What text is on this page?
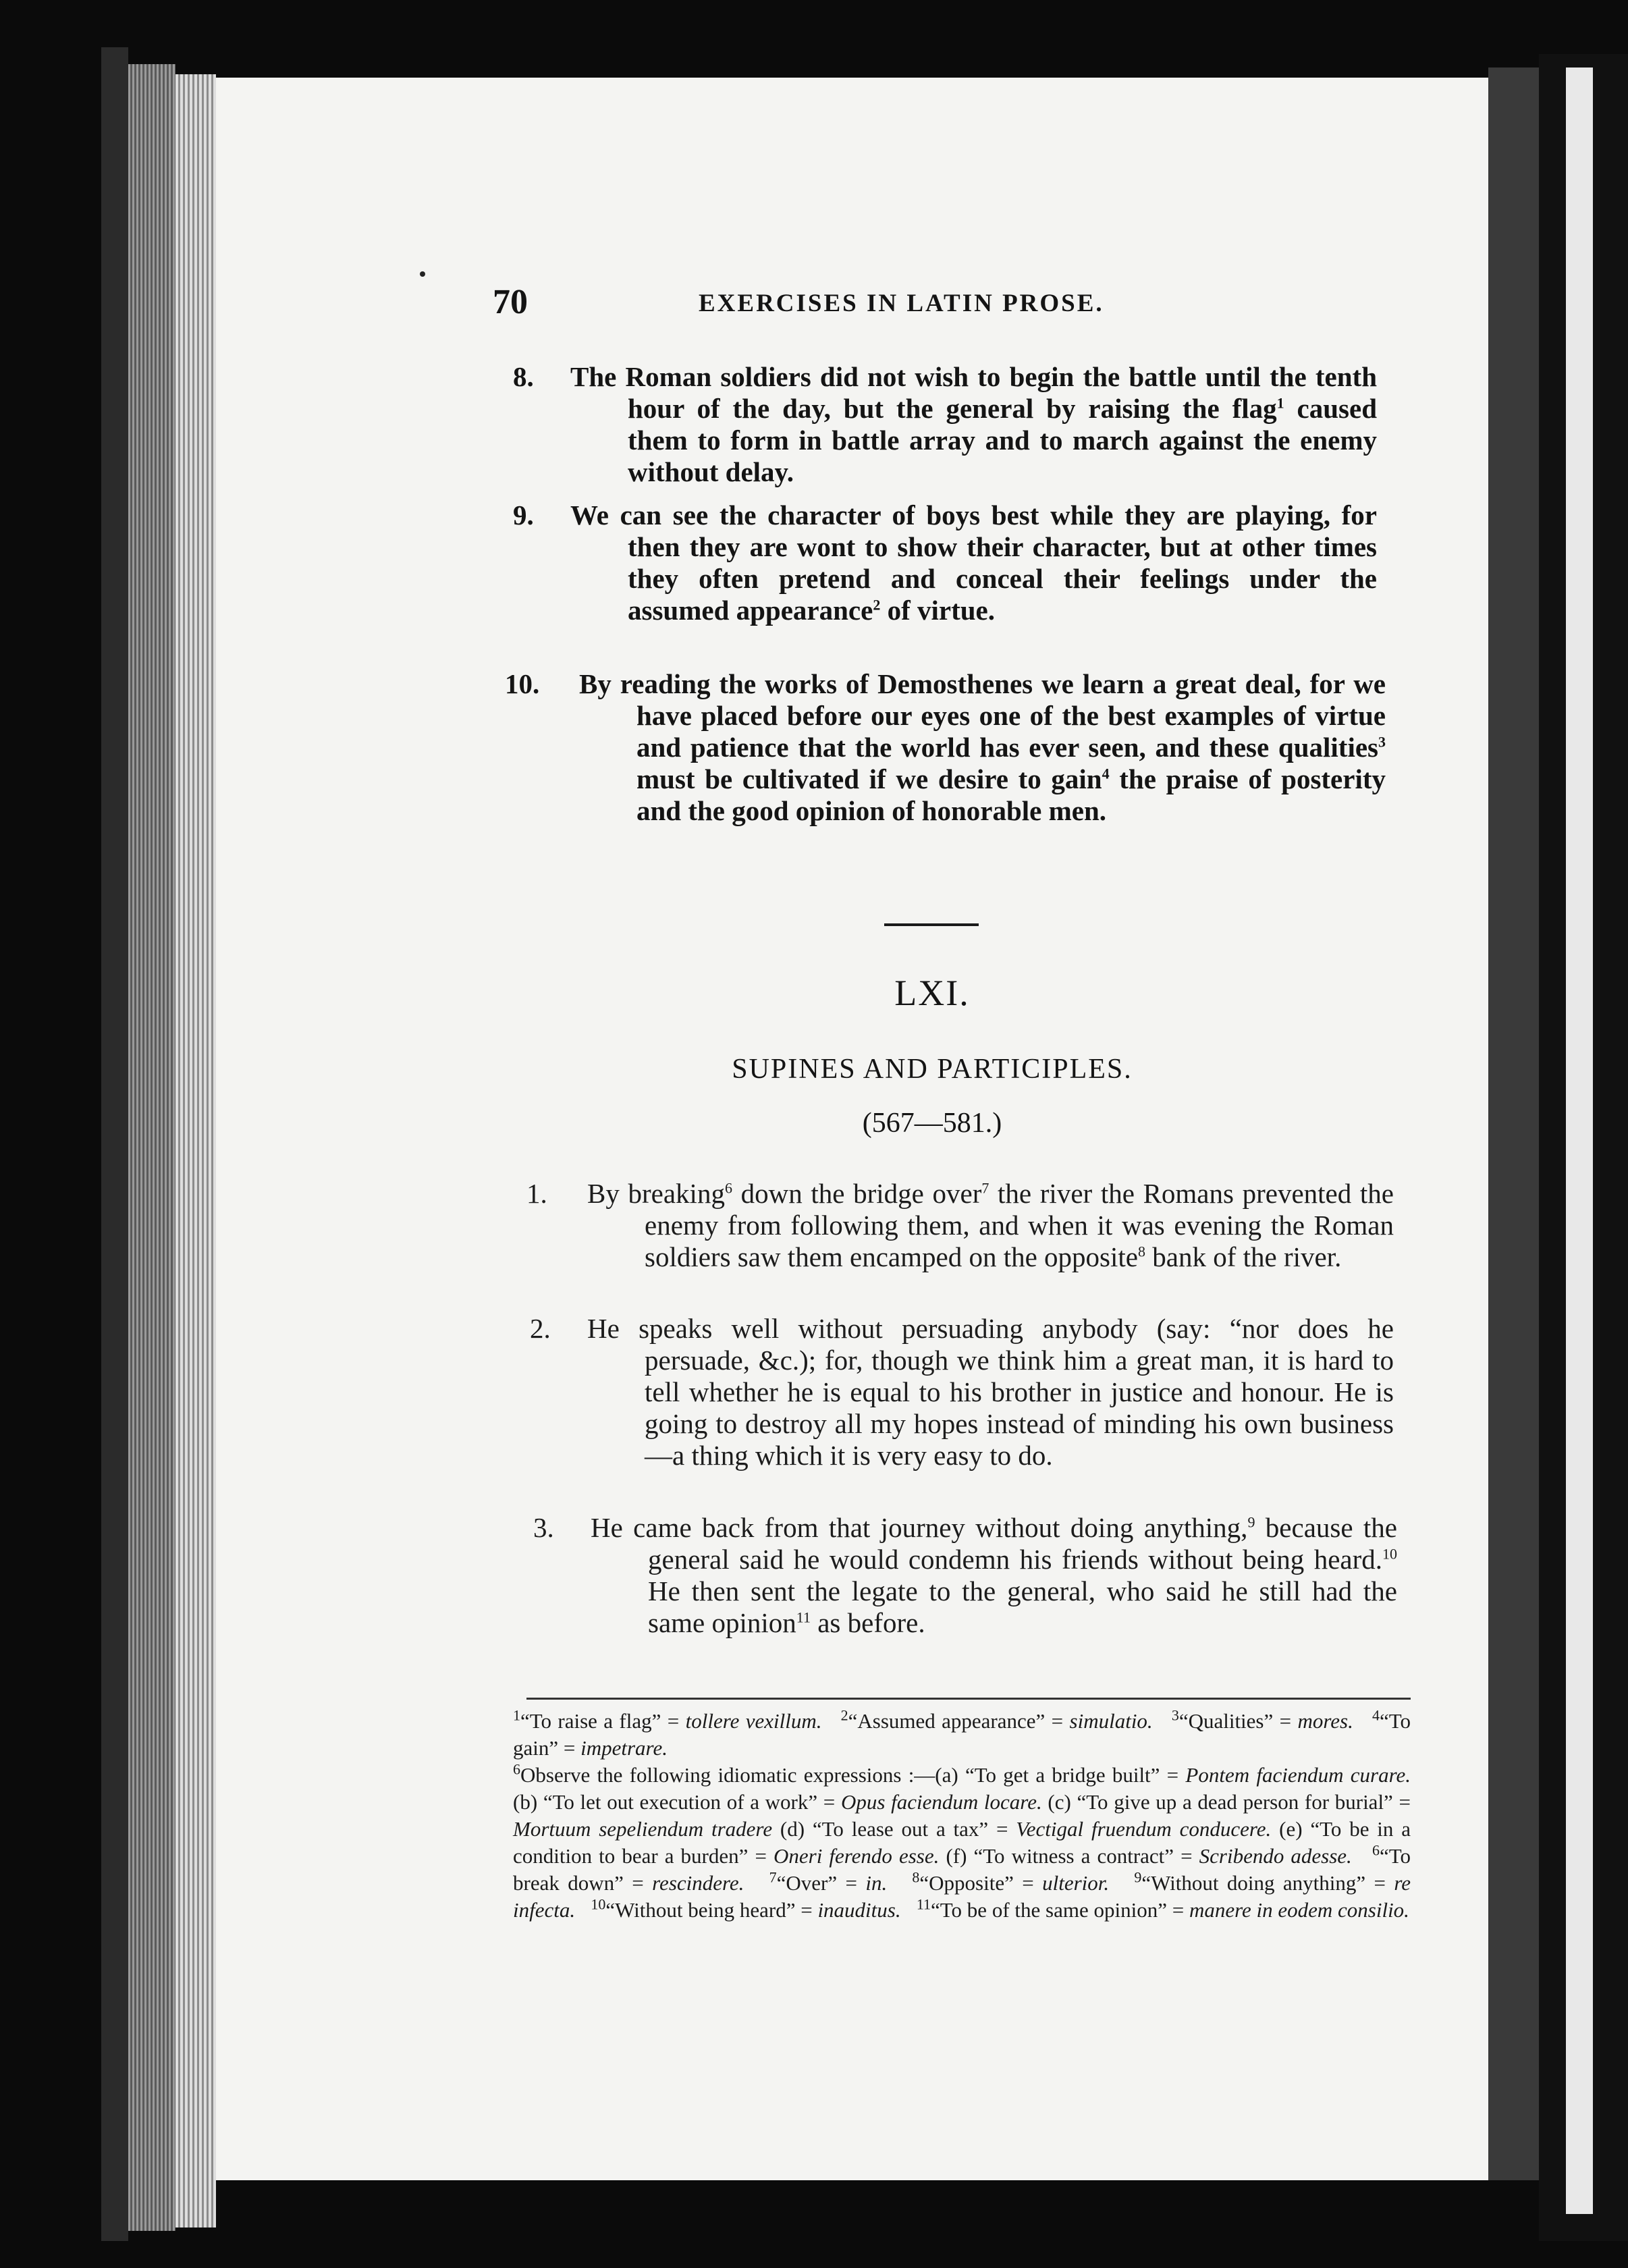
70	EXERCISES IN LATIN PROSE.
8. The Roman soldiers did not wish to begin the battle until the tenth hour of the day, but the general by raising the flag$^1$ caused them to form in battle array and to march against the enemy without delay.
9. We can see the character of boys best while they are playing, for then they are wont to show their character, but at other times they often pretend and conceal their feelings under the assumed appearance$^2$ of virtue.
10. By reading the works of Demosthenes we learn a great deal, for we have placed before our eyes one of the best examples of virtue and patience that the world has ever seen, and these qualities$^3$ must be cultivated if we desire to gain$^4$ the praise of posterity and the good opinion of honorable men.
LXI.
SUPINES AND PARTICIPLES.
(567—581.)
1. By breaking$^6$ down the bridge over$^7$ the river the Romans prevented the enemy from following them, and when it was evening the Roman soldiers saw them encamped on the opposite$^8$ bank of the river.
2. He speaks well without persuading anybody (say: “nor does he persuade, &c.); for, though we think him a great man, it is hard to tell whether he is equal to his brother in justice and honour. He is going to destroy all my hopes instead of minding his own business—a thing which it is very easy to do.
3. He came back from that journey without doing anything,$^9$ because the general said he would condemn his friends without being heard.$^{10}$ He then sent the legate to the general, who said he still had the same opinion$^{11}$ as before.

$^1$“To raise a flag” = tollere vexillum. $^2$“Assumed appearance” = simulatio. $^3$“Qualities” = mores. $^4$“To gain” = impetrare.

$^6$Observe the following idiomatic expressions :—(a) “To get a bridge built” = Pontem faciendum curare. (b) “To let out execution of a work” = Opus faciendum locare. (c) “To give up a dead person for burial” = Mortuum sepeliendum tradere (d) “To lease out a tax” = Vectigal fruendum conducere. (e) “To be in a condition to bear a burden” = Oneri ferendo esse. (f) “To witness a contract” = Scribendo adesse. $^6$“To break down” = rescindere. $^7$“Over” = in. $^8$“Opposite” = ulterior. $^9$“Without doing anything” = re infecta. $^{10}$“Without being heard” = inauditus. $^{11}$“To be of the same opinion” = manere in eodem consilio.
